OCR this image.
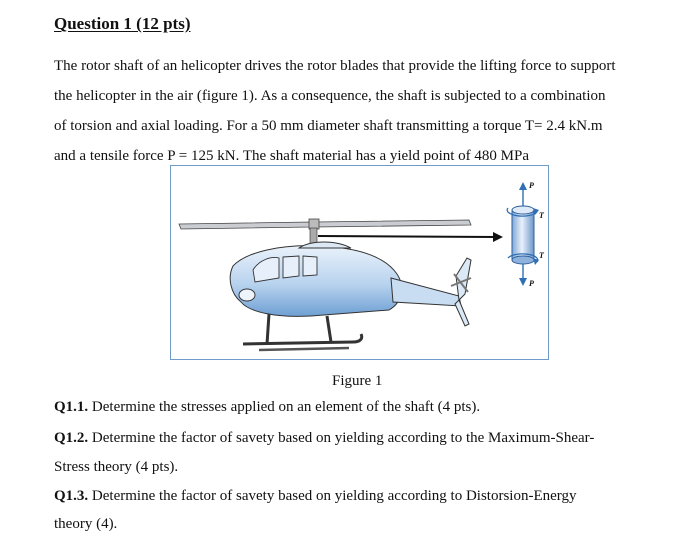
Question 1 (12 pts)
The rotor shaft of an helicopter drives the rotor blades that provide the lifting force to support
the helicopter in the air (figure 1). As a consequence, the shaft is subjected to a combination
of torsion and axial loading. For a 50 mm diameter shaft transmitting a torque T= 2.4 kN.m
and a tensile force P = 125 kN. The shaft material has a yield point of 480 MPa
P
T
T
P
Figure 1
Q1.1. Determine the stresses applied on an element of the shaft (4 pts).
Q1.2. Determine the factor of savety based on yielding according to the Maximum-Shear-
Stress theory (4 pts).
Q1.3. Determine the factor of savety based on yielding according to Distorsion-Energy
theory (4).
